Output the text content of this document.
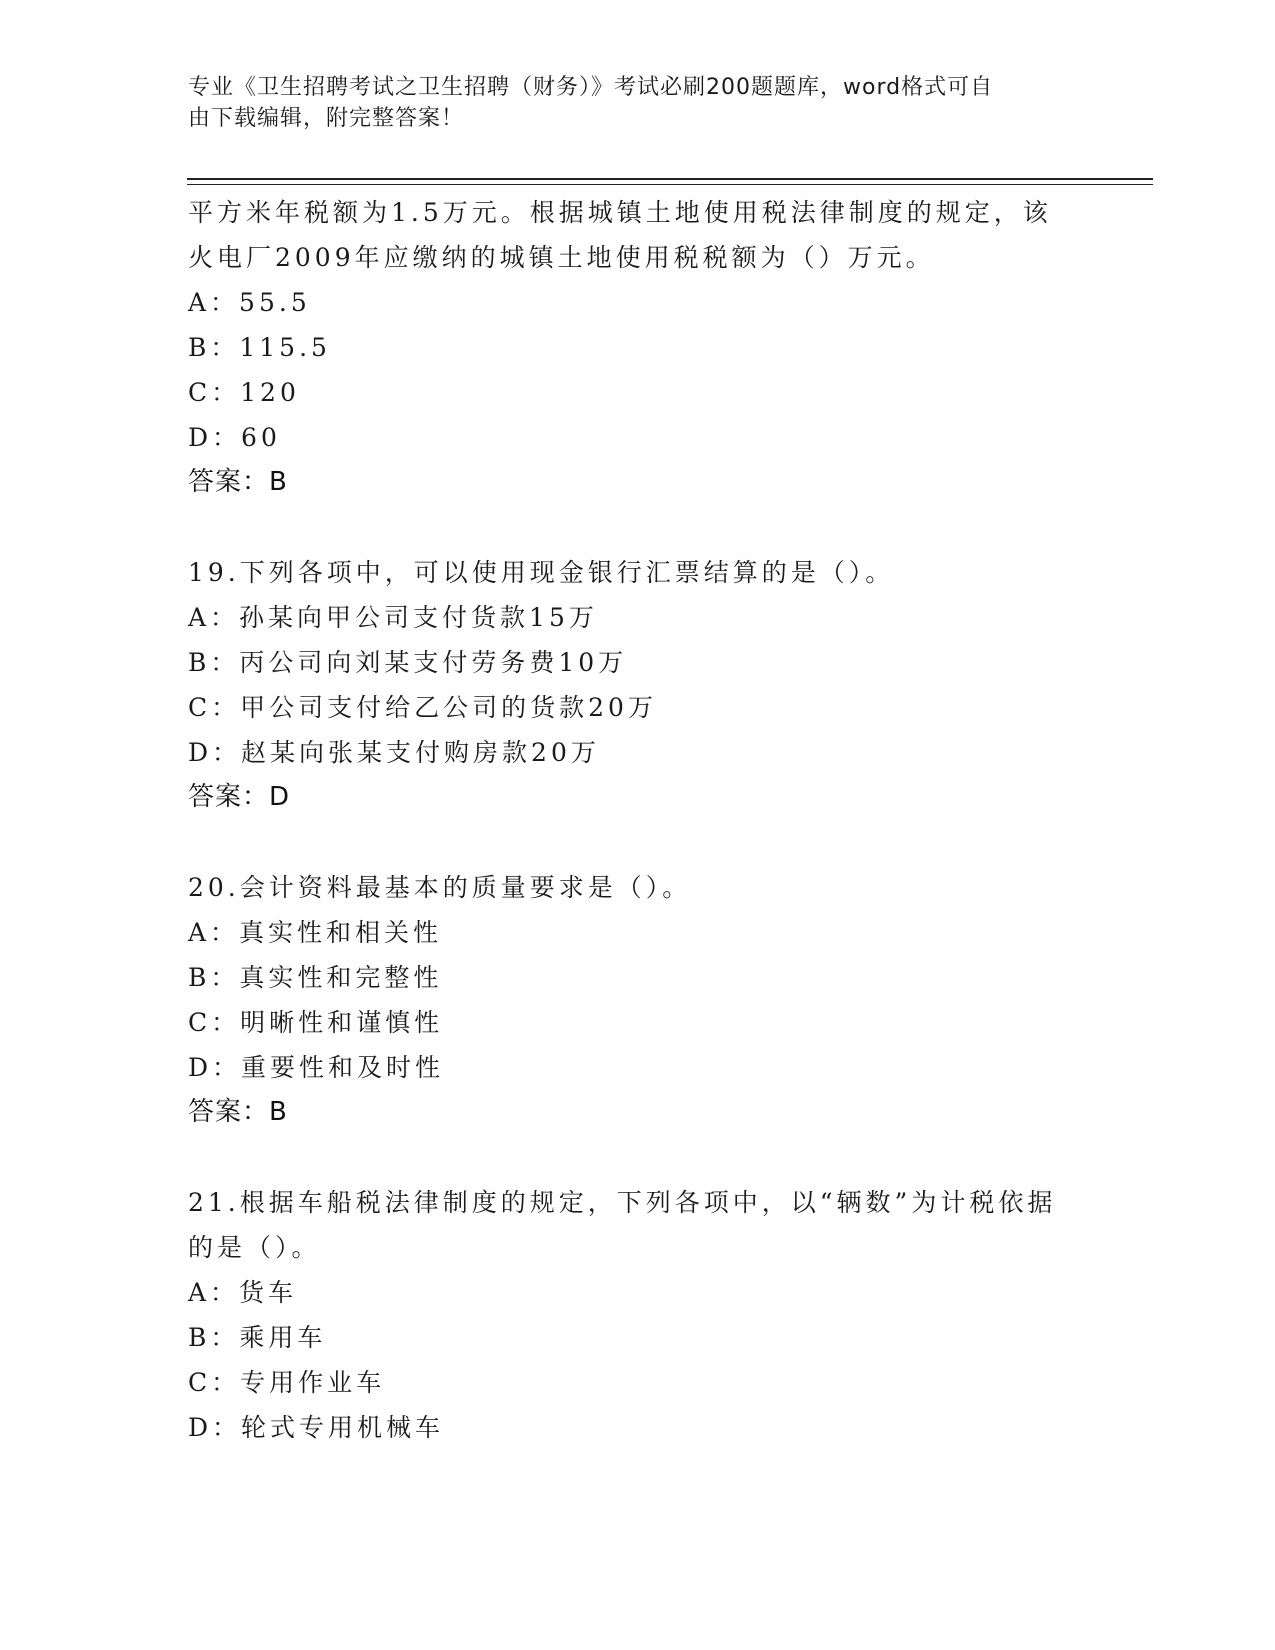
专业《卫生招聘考试之卫生招聘（财务）》考试必刷200题题库，word格式可自
由下载编辑，附完整答案！
平方米年税额为1.5万元。根据城镇土地使用税法律制度的规定，该
火电厂2009年应缴纳的城镇土地使用税税额为（）万元。
A：55.5
B：115.5
C：120
D：60
答案：B
19.下列各项中，可以使用现金银行汇票结算的是（）。
A：孙某向甲公司支付货款15万
B：丙公司向刘某支付劳务费10万
C：甲公司支付给乙公司的货款20万
D：赵某向张某支付购房款20万
答案：D
20.会计资料最基本的质量要求是（）。
A：真实性和相关性
B：真实性和完整性
C：明晰性和谨慎性
D：重要性和及时性
答案：B
21.根据车船税法律制度的规定，下列各项中，以“辆数”为计税依据
的是（）。
A：货车
B：乘用车
C：专用作业车
D：轮式专用机械车
